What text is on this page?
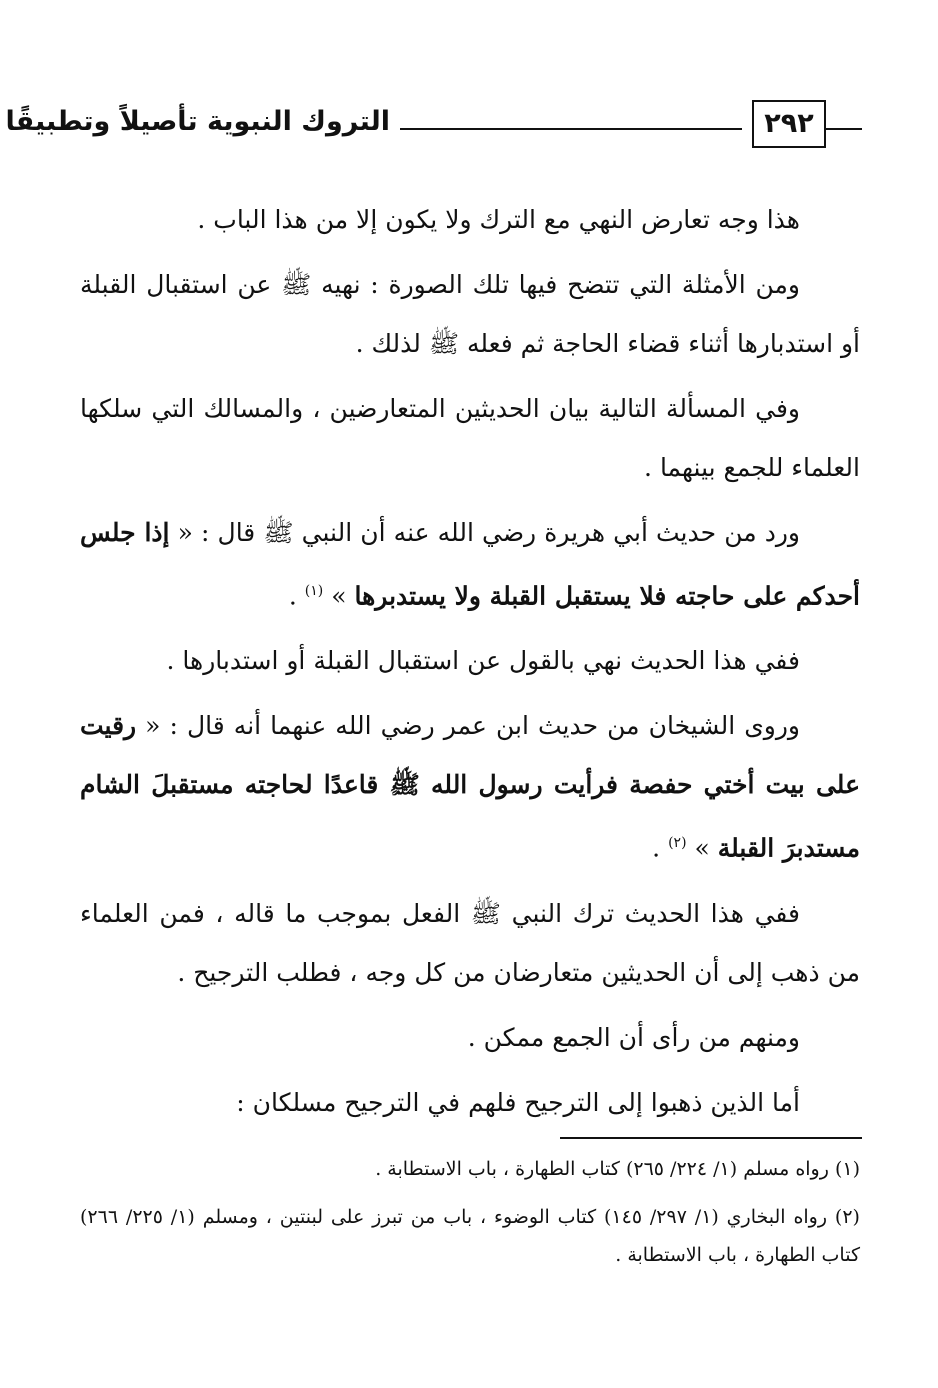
التروك النبوية تأصيلاً وتطبيقًا	٢٩٢

هذا وجه تعارض النهي مع الترك ولا يكون إلا من هذا الباب .

ومن الأمثلة التي تتضح فيها تلك الصورة : نهيه ﷺ عن استقبال القبلة أو استدبارها أثناء قضاء الحاجة ثم فعله ﷺ لذلك .

وفي المسألة التالية بيان الحديثين المتعارضين ، والمسالك التي سلكها العلماء للجمع بينهما .

ورد من حديث أبي هريرة رضي الله عنه أن النبي ﷺ قال : « إذا جلس أحدكم على حاجته فلا يستقبل القبلة ولا يستدبرها » $^{(١)}$ .

ففي هذا الحديث نهي بالقول عن استقبال القبلة أو استدبارها .

وروى الشيخان من حديث ابن عمر رضي الله عنهما أنه قال : « رقيت على بيت أختي حفصة فرأيت رسول الله ﷺ قاعدًا لحاجته مستقبلَ الشام مستدبرَ القبلة » $^{(٢)}$ .

ففي هذا الحديث ترك النبي ﷺ الفعل بموجب ما قاله ، فمن العلماء من ذهب إلى أن الحديثين متعارضان من كل وجه ، فطلب الترجيح .

ومنهم من رأى أن الجمع ممكن .

أما الذين ذهبوا إلى الترجيح فلهم في الترجيح مسلكان :

(١) رواه مسلم (١/ ٢٢٤/ ٢٦٥) كتاب الطهارة ، باب الاستطابة .
(٢) رواه البخاري (١/ ٢٩٧/ ١٤٥) كتاب الوضوء ، باب من تبرز على لبنتين ، ومسلم (١/ ٢٢٥/ ٢٦٦) كتاب الطهارة ، باب الاستطابة .
